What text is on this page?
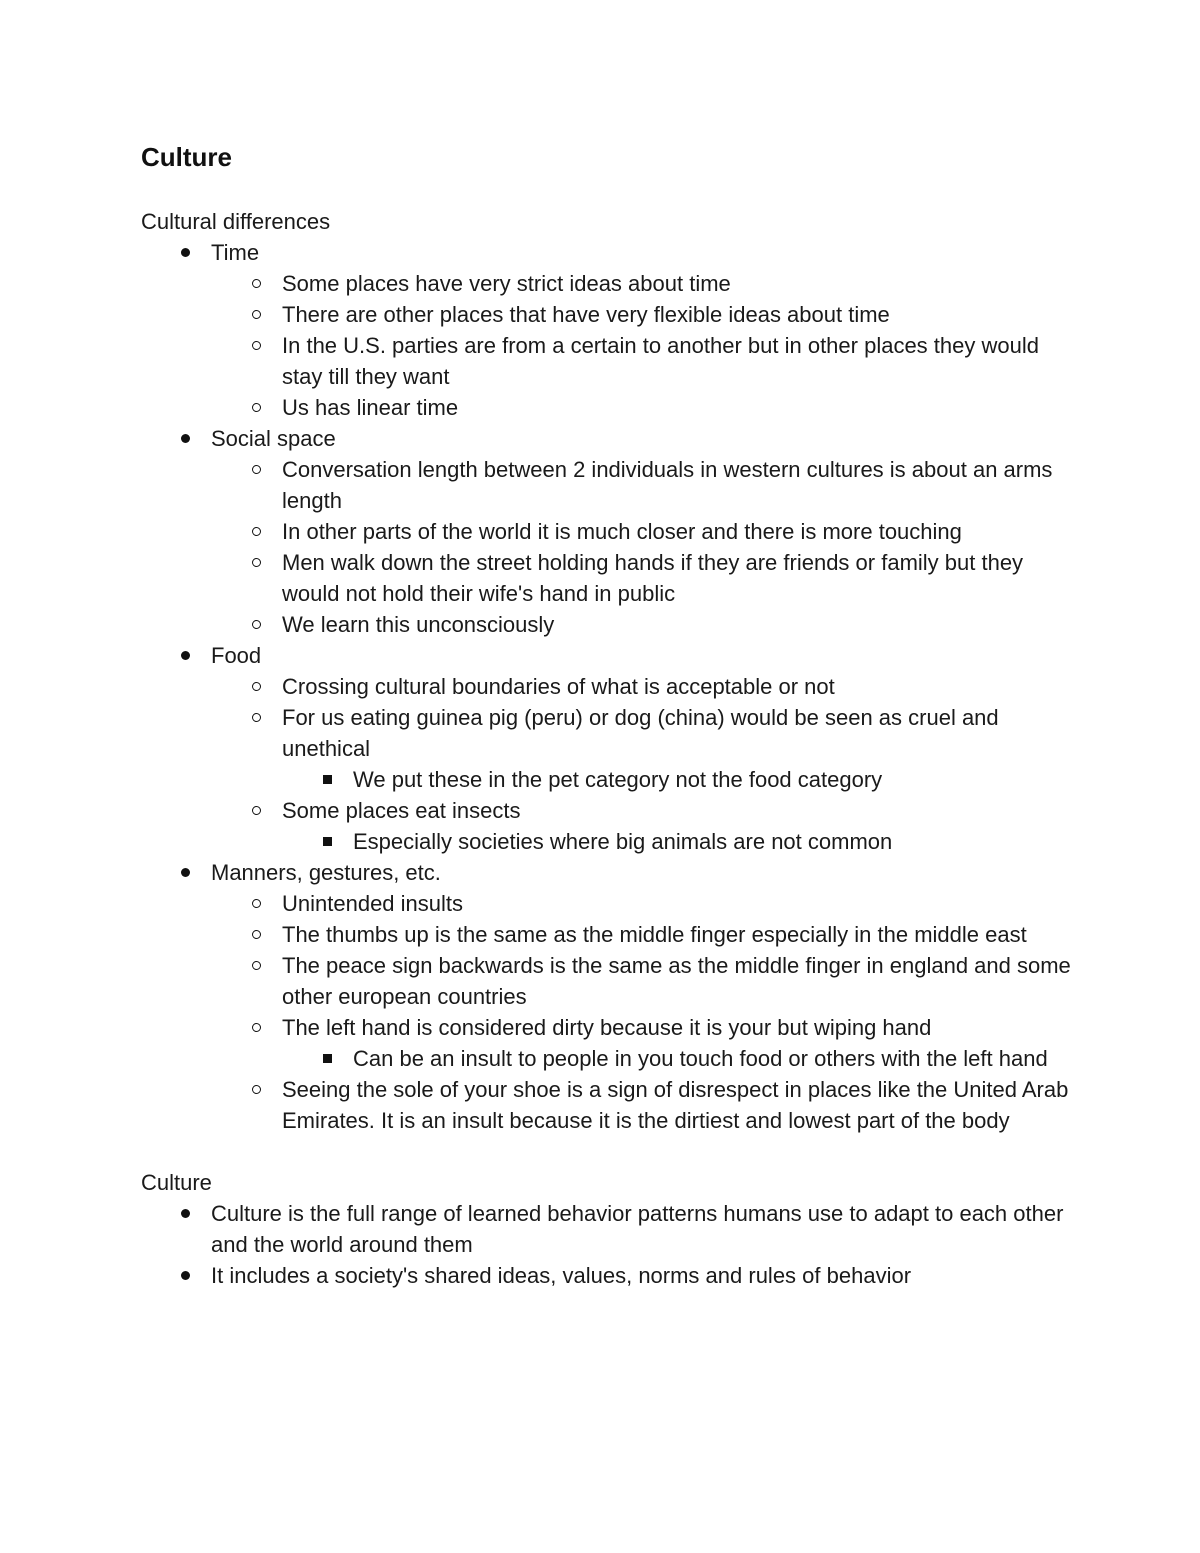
Culture

Cultural differences

Time
Some places have very strict ideas about time
There are other places that have very flexible ideas about time
In the U.S. parties are from a certain to another but in other places they would stay till they want
Us has linear time
Social space
Conversation length between 2 individuals in western cultures is about an arms length
In other parts of the world it is much closer and there is more touching
Men walk down the street holding hands if they are friends or family but they would not hold their wife's hand in public
We learn this unconsciously
Food
Crossing cultural boundaries of what is acceptable or not
For us eating guinea pig (peru) or dog (china) would be seen as cruel and unethical
We put these in the pet category not the food category
Some places eat insects
Especially societies where big animals are not common
Manners, gestures, etc.
Unintended insults
The thumbs up is the same as the middle finger especially in the middle east
The peace sign backwards is the same as the middle finger in england and some other european countries
The left hand is considered dirty because it is your but wiping hand
Can be an insult to people in you touch food or others with the left hand
Seeing the sole of your shoe is a sign of disrespect in places like the United Arab Emirates. It is an insult because it is the dirtiest and lowest part of the body

Culture

Culture is the full range of learned behavior patterns humans use to adapt to each other and the world around them
It includes a society's shared ideas, values, norms and rules of behavior
